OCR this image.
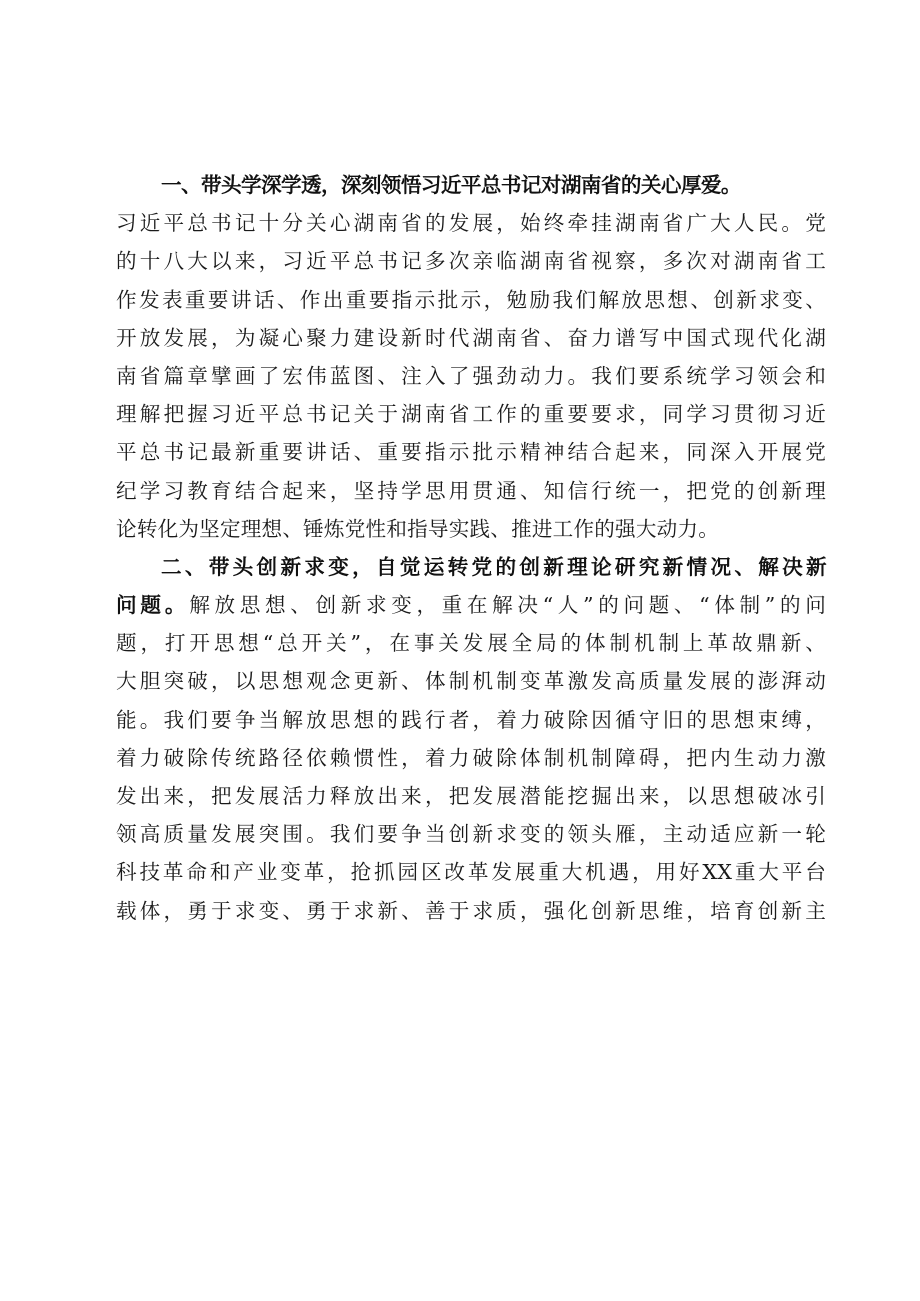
一、带头学深学透，深刻领悟习近平总书记对湖南省的关心厚爱。
习近平总书记十分关心湖南省的发展，始终牵挂湖南省广大人民。党
的十八大以来，习近平总书记多次亲临湖南省视察，多次对湖南省工
作发表重要讲话、作出重要指示批示，勉励我们解放思想、创新求变、
开放发展，为凝心聚力建设新时代湖南省、奋力谱写中国式现代化湖
南省篇章擘画了宏伟蓝图、注入了强劲动力。我们要系统学习领会和
理解把握习近平总书记关于湖南省工作的重要要求，同学习贯彻习近
平总书记最新重要讲话、重要指示批示精神结合起来，同深入开展党
纪学习教育结合起来，坚持学思用贯通、知信行统一，把党的创新理
论转化为坚定理想、锤炼党性和指导实践、推进工作的强大动力。
二、带头创新求变，自觉运转党的创新理论研究新情况、解决新
问题。解放思想、创新求变，重在解决“人”的问题、“体制”的问
题，打开思想“总开关”，在事关发展全局的体制机制上革故鼎新、
大胆突破，以思想观念更新、体制机制变革激发高质量发展的澎湃动
能。我们要争当解放思想的践行者，着力破除因循守旧的思想束缚，
着力破除传统路径依赖惯性，着力破除体制机制障碍，把内生动力激
发出来，把发展活力释放出来，把发展潜能挖掘出来，以思想破冰引
领高质量发展突围。我们要争当创新求变的领头雁，主动适应新一轮
科技革命和产业变革，抢抓园区改革发展重大机遇，用好XX重大平台
载体，勇于求变、勇于求新、善于求质，强化创新思维，培育创新主
